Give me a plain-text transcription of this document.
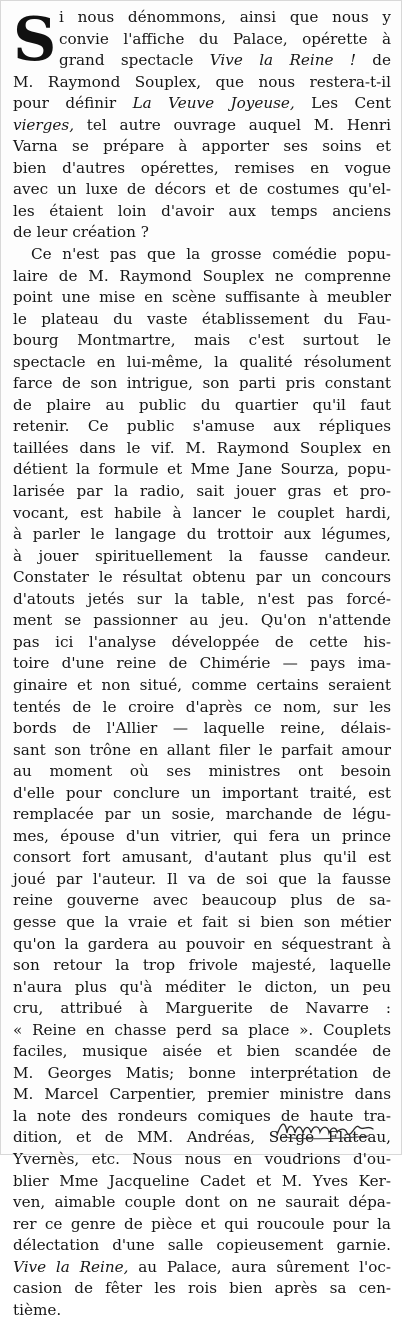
S i nous dénommons, ainsi que nous y
convie l'affiche du Palace, opérette à
grand spectacle Vive la Reine ! de
M. Raymond Souplex, que nous restera-t-il
pour définir La Veuve Joyeuse, Les Cent
vierges, tel autre ouvrage auquel M. Henri
Varna se prépare à apporter ses soins et
bien d'autres opérettes, remises en vogue
avec un luxe de décors et de costumes qu'el-
les étaient loin d'avoir aux temps anciens
de leur création ?
Ce n'est pas que la grosse comédie popu-
laire de M. Raymond Souplex ne comprenne
point une mise en scène suffisante à meubler
le plateau du vaste établissement du Fau-
bourg Montmartre, mais c'est surtout le
spectacle en lui-même, la qualité résolument
farce de son intrigue, son parti pris constant
de plaire au public du quartier qu'il faut
retenir. Ce public s'amuse aux répliques
taillées dans le vif. M. Raymond Souplex en
détient la formule et Mme Jane Sourza, popu-
larisée par la radio, sait jouer gras et pro-
vocant, est habile à lancer le couplet hardi,
à parler le langage du trottoir aux légumes,
à jouer spirituellement la fausse candeur.
Constater le résultat obtenu par un concours
d'atouts jetés sur la table, n'est pas forcé-
ment se passionner au jeu. Qu'on n'attende
pas ici l'analyse développée de cette his-
toire d'une reine de Chimérie — pays ima-
ginaire et non situé, comme certains seraient
tentés de le croire d'après ce nom, sur les
bords de l'Allier — laquelle reine, délais-
sant son trône en allant filer le parfait amour
au moment où ses ministres ont besoin
d'elle pour conclure un important traité, est
remplacée par un sosie, marchande de légu-
mes, épouse d'un vitrier, qui fera un prince
consort fort amusant, d'autant plus qu'il est
joué par l'auteur. Il va de soi que la fausse
reine gouverne avec beaucoup plus de sa-
gesse que la vraie et fait si bien son métier
qu'on la gardera au pouvoir en séquestrant à
son retour la trop frivole majesté, laquelle
n'aura plus qu'à méditer le dicton, un peu
cru, attribué à Marguerite de Navarre :
« Reine en chasse perd sa place ». Couplets
faciles, musique aisée et bien scandée de
M. Georges Matis; bonne interprétation de
M. Marcel Carpentier, premier ministre dans
la note des rondeurs comiques de haute tra-
dition, et de MM. Andréas, Serge Flateau,
Yvernès, etc. Nous nous en voudrions d'ou-
blier Mme Jacqueline Cadet et M. Yves Ker-
ven, aimable couple dont on ne saurait dépa-
rer ce genre de pièce et qui roucoule pour la
délectation d'une salle copieusement garnie.
Vive la Reine, au Palace, aura sûrement l'oc-
casion de fêter les rois bien après sa cen-
tième.
